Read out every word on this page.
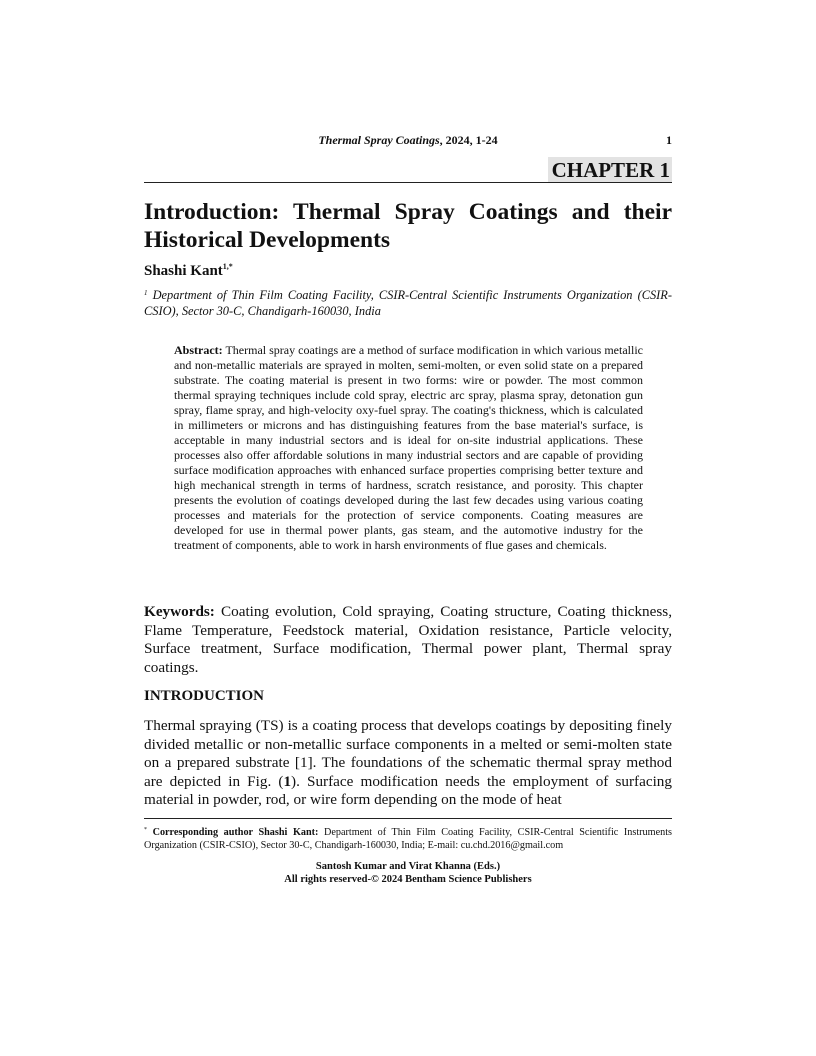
Thermal Spray Coatings, 2024, 1-24	1
CHAPTER 1
Introduction: Thermal Spray Coatings and their
Historical Developments
Shashi Kant$^{1,*}$
$^1$ Department of Thin Film Coating Facility, CSIR-Central Scientific Instruments Organization (CSIR-CSIO), Sector 30-C, Chandigarh-160030, India
Abstract: Thermal spray coatings are a method of surface modification in which various metallic and non-metallic materials are sprayed in molten, semi-molten, or even solid state on a prepared substrate. The coating material is present in two forms: wire or powder. The most common thermal spraying techniques include cold spray, electric arc spray, plasma spray, detonation gun spray, flame spray, and high-velocity oxy-fuel spray. The coating's thickness, which is calculated in millimeters or microns and has distinguishing features from the base material's surface, is acceptable in many industrial sectors and is ideal for on-site industrial applications. These processes also offer affordable solutions in many industrial sectors and are capable of providing surface modification approaches with enhanced surface properties comprising better texture and high mechanical strength in terms of hardness, scratch resistance, and porosity. This chapter presents the evolution of coatings developed during the last few decades using various coating processes and materials for the protection of service components. Coating measures are developed for use in thermal power plants, gas steam, and the automotive industry for the treatment of components, able to work in harsh environments of flue gases and chemicals.
Keywords: Coating evolution, Cold spraying, Coating structure, Coating thickness, Flame Temperature, Feedstock material, Oxidation resistance, Particle velocity, Surface treatment, Surface modification, Thermal power plant, Thermal spray coatings.
INTRODUCTION
Thermal spraying (TS) is a coating process that develops coatings by depositing finely divided metallic or non-metallic surface components in a melted or semi-molten state on a prepared substrate [1]. The foundations of the schematic thermal spray method are depicted in Fig. (1). Surface modification needs the employment of surfacing material in powder, rod, or wire form depending on the mode of heat
* Corresponding author Shashi Kant: Department of Thin Film Coating Facility, CSIR-Central Scientific Instruments Organization (CSIR-CSIO), Sector 30-C, Chandigarh-160030, India; E-mail: cu.chd.2016@gmail.com
Santosh Kumar and Virat Khanna (Eds.)
All rights reserved-© 2024 Bentham Science Publishers
